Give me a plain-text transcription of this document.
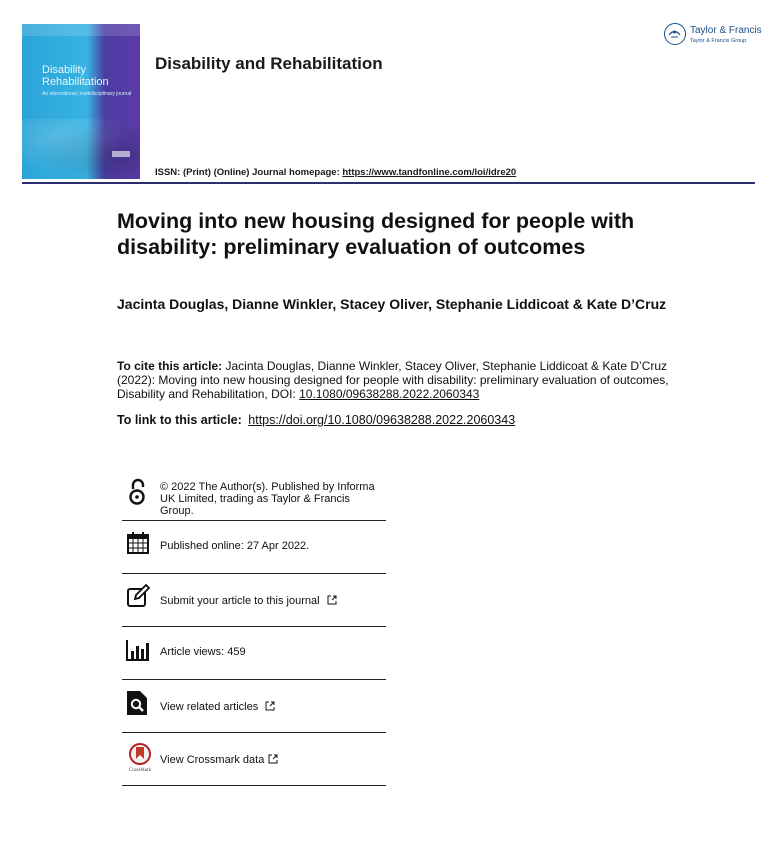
Disability Rehabilitation
An international, multidisciplinary journal
Taylor & Francis
Taylor & Francis Group
Disability and Rehabilitation
ISSN: (Print) (Online) Journal homepage: https://www.tandfonline.com/loi/idre20
Moving into new housing designed for people with disability: preliminary evaluation of outcomes
Jacinta Douglas, Dianne Winkler, Stacey Oliver, Stephanie Liddicoat & Kate D’Cruz
To cite this article: Jacinta Douglas, Dianne Winkler, Stacey Oliver, Stephanie Liddicoat & Kate D’Cruz (2022): Moving into new housing designed for people with disability: preliminary evaluation of outcomes, Disability and Rehabilitation, DOI: 10.1080/09638288.2022.2060343
To link to this article: https://doi.org/10.1080/09638288.2022.2060343
© 2022 The Author(s). Published by Informa UK Limited, trading as Taylor & Francis Group.
Published online: 27 Apr 2022.
Submit your article to this journal
Article views: 459
View related articles
CrossMark
View Crossmark data
